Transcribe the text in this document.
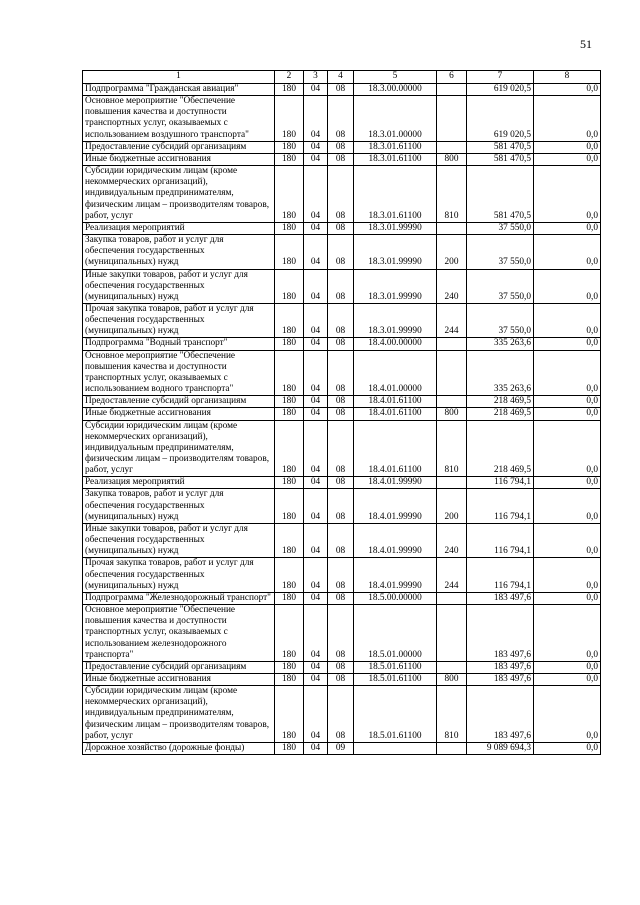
51
1	2	3	4	5	6	7	8
Подпрограмма "Гражданская авиация"	180	04	08	18.3.00.00000		619 020,5	0,0
Основное мероприятие "Обеспечение повышения качества и доступности транспортных услуг, оказываемых с использованием воздушного транспорта"	180	04	08	18.3.01.00000		619 020,5	0,0
Предоставление субсидий организациям	180	04	08	18.3.01.61100		581 470,5	0,0
Иные бюджетные ассигнования	180	04	08	18.3.01.61100	800	581 470,5	0,0
Субсидии юридическим лицам (кроме некоммерческих организаций), индивидуальным предпринимателям, физическим лицам – производителям товаров, работ, услуг	180	04	08	18.3.01.61100	810	581 470,5	0,0
Реализация мероприятий	180	04	08	18.3.01.99990		37 550,0	0,0
Закупка товаров, работ и услуг для обеспечения государственных (муниципальных) нужд	180	04	08	18.3.01.99990	200	37 550,0	0,0
Иные закупки товаров, работ и услуг для обеспечения государственных (муниципальных) нужд	180	04	08	18.3.01.99990	240	37 550,0	0,0
Прочая закупка товаров, работ и услуг для обеспечения государственных (муниципальных) нужд	180	04	08	18.3.01.99990	244	37 550,0	0,0
Подпрограмма "Водный транспорт"	180	04	08	18.4.00.00000		335 263,6	0,0
Основное мероприятие "Обеспечение повышения качества и доступности транспортных услуг, оказываемых с использованием водного транспорта"	180	04	08	18.4.01.00000		335 263,6	0,0
Предоставление субсидий организациям	180	04	08	18.4.01.61100		218 469,5	0,0
Иные бюджетные ассигнования	180	04	08	18.4.01.61100	800	218 469,5	0,0
Субсидии юридическим лицам (кроме некоммерческих организаций), индивидуальным предпринимателям, физическим лицам – производителям товаров, работ, услуг	180	04	08	18.4.01.61100	810	218 469,5	0,0
Реализация мероприятий	180	04	08	18.4.01.99990		116 794,1	0,0
Закупка товаров, работ и услуг для обеспечения государственных (муниципальных) нужд	180	04	08	18.4.01.99990	200	116 794,1	0,0
Иные закупки товаров, работ и услуг для обеспечения государственных (муниципальных) нужд	180	04	08	18.4.01.99990	240	116 794,1	0,0
Прочая закупка товаров, работ и услуг для обеспечения государственных (муниципальных) нужд	180	04	08	18.4.01.99990	244	116 794,1	0,0
Подпрограмма "Железнодорожный транспорт"	180	04	08	18.5.00.00000		183 497,6	0,0
Основное мероприятие "Обеспечение повышения качества и доступности транспортных услуг, оказываемых с использованием железнодорожного транспорта"	180	04	08	18.5.01.00000		183 497,6	0,0
Предоставление субсидий организациям	180	04	08	18.5.01.61100		183 497,6	0,0
Иные бюджетные ассигнования	180	04	08	18.5.01.61100	800	183 497,6	0,0
Субсидии юридическим лицам (кроме некоммерческих организаций), индивидуальным предпринимателям, физическим лицам – производителям товаров, работ, услуг	180	04	08	18.5.01.61100	810	183 497,6	0,0
Дорожное хозяйство (дорожные фонды)	180	04	09			9 089 694,3	0,0
